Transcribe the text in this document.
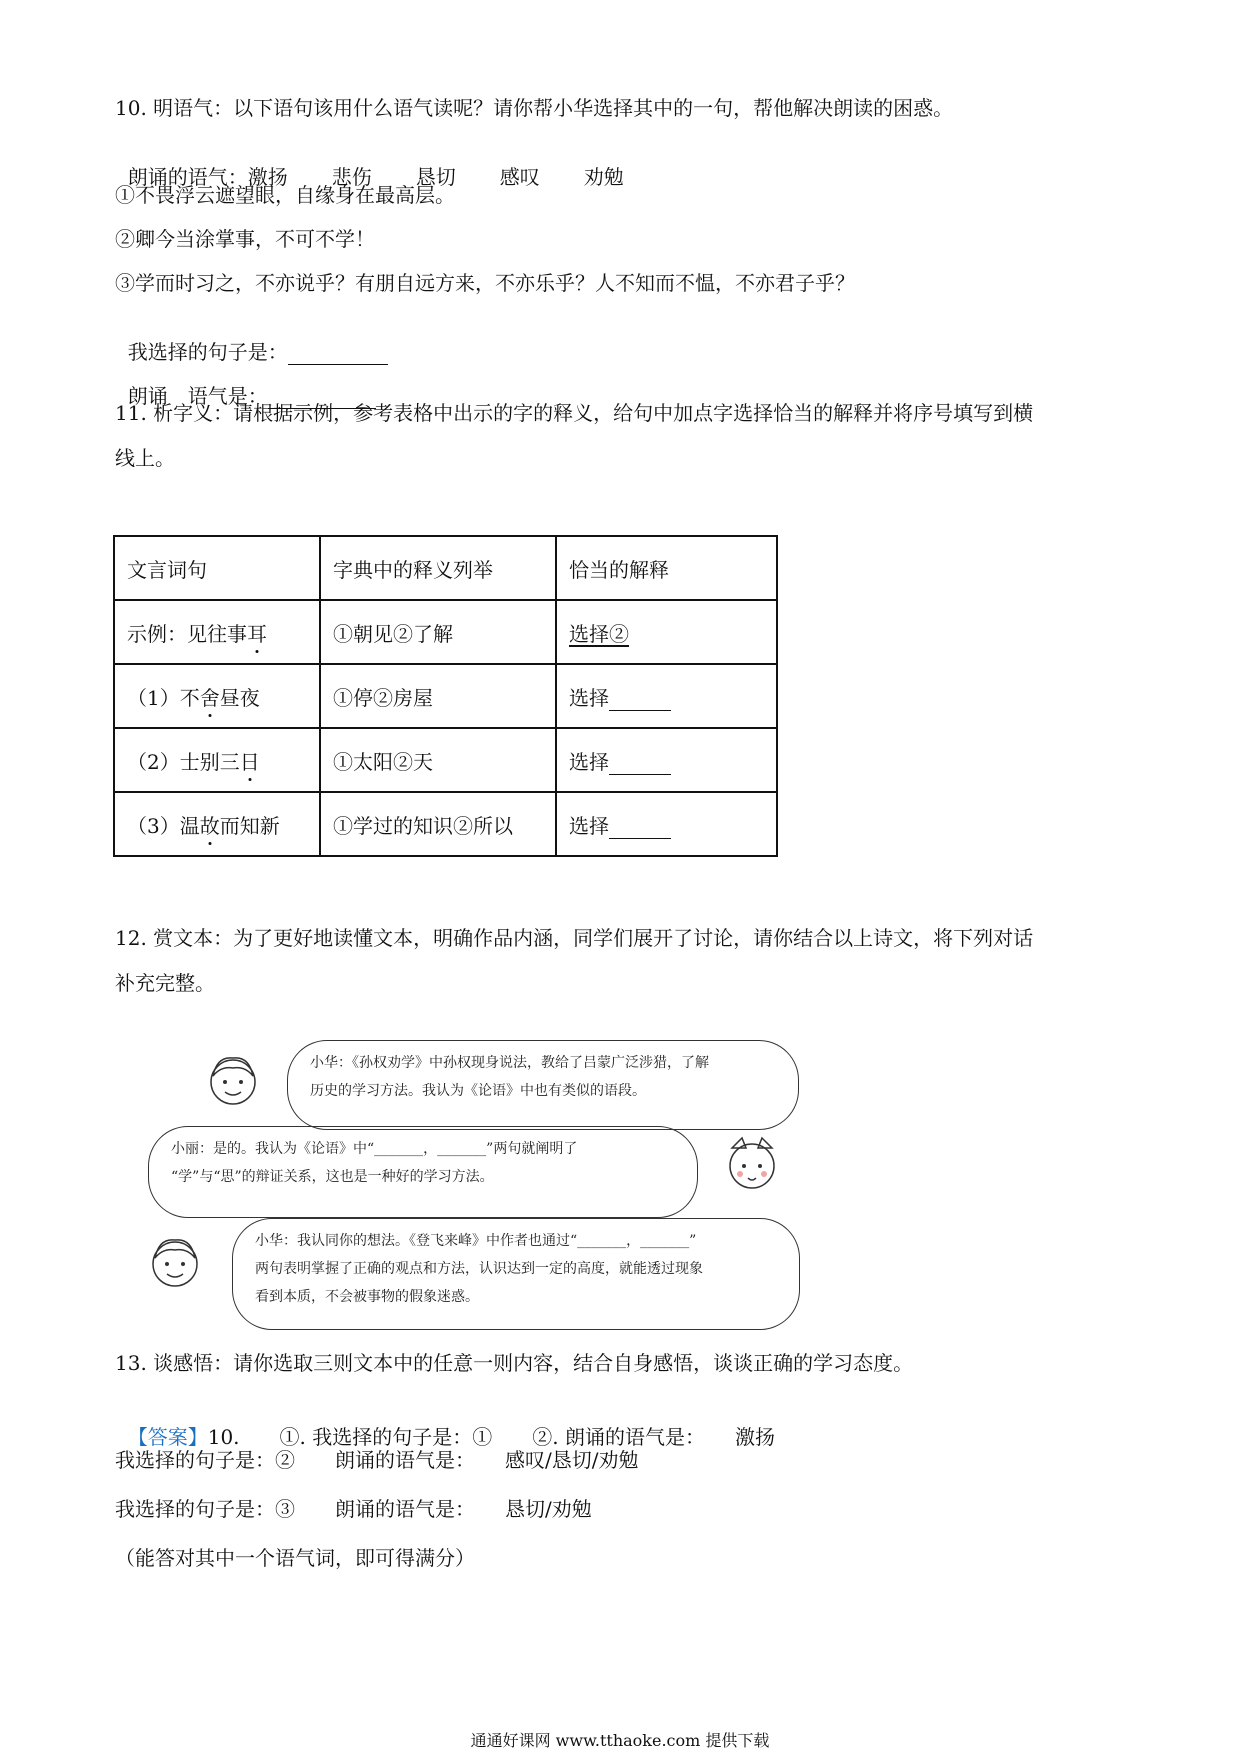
10. 明语气：以下语句该用什么语气读呢？请你帮小华选择其中的一句，帮他解决朗读的困惑。

朗诵的语气：激扬 悲伤 恳切 感叹 劝勉

①不畏浮云遮望眼，自缘身在最高层。
②卿今当涂掌事，不可不学！
③学而时习之，不亦说乎？有朋自远方来，不亦乐乎？人不知而不愠，不亦君子乎？

我选择的句子是：

朗诵　语气是：

11. 析字义：请根据示例，参考表格中出示的字的释义，给句中加点字选择恰当的解释并将序号填写到横
线上。
文言词句	字典中的释义列举	恰当的解释
示例：见往事耳	①朝见②了解	选择②
（1）不舍昼夜	①停②房屋	选择
（2）士别三日	①太阳②天	选择
（3）温故而知新	①学过的知识②所以	选择
12. 赏文本：为了更好地读懂文本，明确作品内涵，同学们展开了讨论，请你结合以上诗文，将下列对话
补充完整。
小华：《孙权劝学》中孙权现身说法，教给了吕蒙广泛涉猎，了解
历史的学习方法。我认为《论语》中也有类似的语段。
小丽：是的。我认为《论语》中“_______，_______”两句就阐明了
“学”与“思”的辩证关系，这也是一种好的学习方法。
小华：我认同你的想法。《登飞来峰》中作者也通过“_______，_______”
两句表明掌握了正确的观点和方法，认识达到一定的高度，就能透过现象
看到本质，不会被事物的假象迷惑。
13. 谈感悟：请你选取三则文本中的任意一则内容，结合自身感悟，谈谈正确的学习态度。

【答案】10.　　①. 我选择的句子是：①　　②. 朗诵的语气是：　　激扬

我选择的句子是：②　　朗诵的语气是：　　感叹/恳切/劝勉
我选择的句子是：③　　朗诵的语气是：　　恳切/劝勉
（能答对其中一个语气词，即可得满分）
通通好课网 www.tthaoke.com 提供下载
